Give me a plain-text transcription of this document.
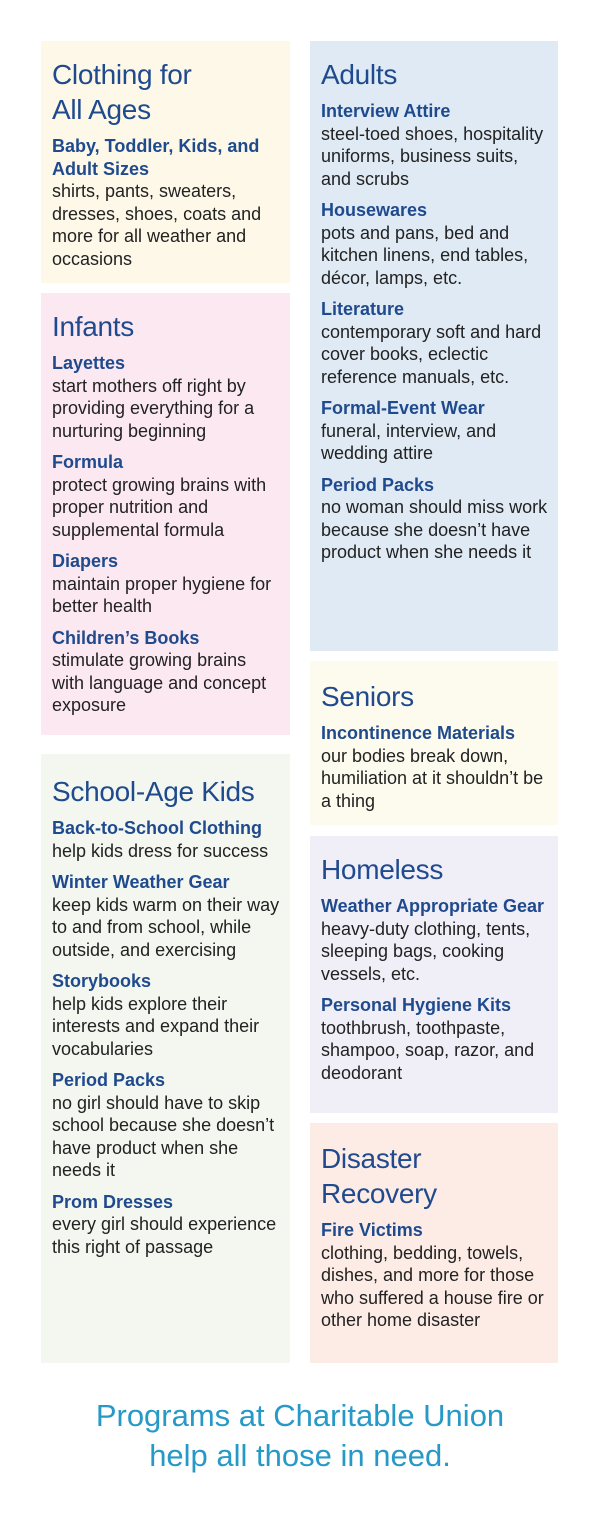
Clothing for All Ages
Baby, Toddler, Kids, and Adult Sizes
shirts, pants, sweaters, dresses, shoes, coats and more for all weather and occasions
Infants
Layettes
start mothers off right by providing everything for a nurturing beginning
Formula
protect growing brains with proper nutrition and supplemental formula
Diapers
maintain proper hygiene for better health
Children’s Books
stimulate growing brains with language and concept exposure
School-Age Kids
Back-to-School Clothing
help kids dress for success
Winter Weather Gear
keep kids warm on their way to and from school, while outside, and exercising
Storybooks
help kids explore their interests and expand their vocabularies
Period Packs
no girl should have to skip school because she doesn’t have product when she needs it
Prom Dresses
every girl should experience this right of passage
Adults
Interview Attire
steel-toed shoes, hospitality uniforms, business suits, and scrubs
Housewares
pots and pans, bed and kitchen linens, end tables, décor, lamps, etc.
Literature
contemporary soft and hard cover books, eclectic reference manuals, etc.
Formal-Event Wear
funeral, interview, and wedding attire
Period Packs
no woman should miss work because she doesn’t have product when she needs it
Seniors
Incontinence Materials
our bodies break down, humiliation at it shouldn’t be a thing
Homeless
Weather Appropriate Gear
heavy-duty clothing, tents, sleeping bags, cooking vessels, etc.
Personal Hygiene Kits
toothbrush, toothpaste, shampoo, soap, razor, and deodorant
Disaster Recovery
Fire Victims
clothing, bedding, towels, dishes, and more for those who suffered a house fire or other home disaster
Programs at Charitable Union
help all those in need.
